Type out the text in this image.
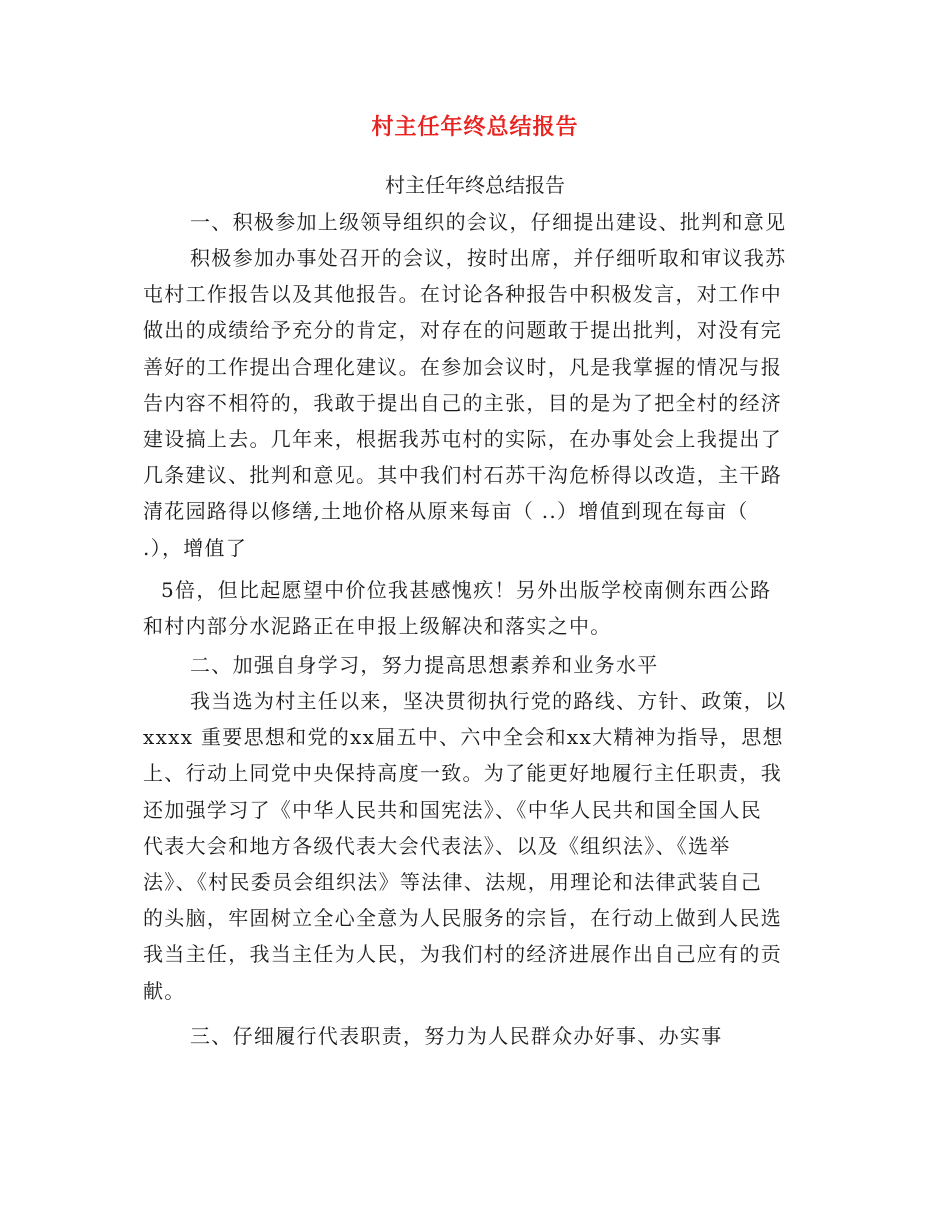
村主任年终总结报告

村主任年终总结报告

一、积极参加上级领导组织的会议，仔细提出建设、批判和意见

积极参加办事处召开的会议，按时出席，并仔细听取和审议我苏
屯村工作报告以及其他报告。在讨论各种报告中积极发言，对工作中
做出的成绩给予充分的肯定，对存在的问题敢于提出批判，对没有完
善好的工作提出合理化建议。在参加会议时，凡是我掌握的情况与报
告内容不相符的，我敢于提出自己的主张，目的是为了把全村的经济
建设搞上去。几年来，根据我苏屯村的实际，在办事处会上我提出了
几条建议、批判和意见。其中我们村石苏干沟危桥得以改造，主干路
清花园路得以修缮,土地价格从原来每亩（ ..）增值到现在每亩（
.），增值了
5倍，但比起愿望中价位我甚感愧疚！另外出版学校南侧东西公路
和村内部分水泥路正在申报上级解决和落实之中。

二、加强自身学习，努力提高思想素养和业务水平

我当选为村主任以来，坚决贯彻执行党的路线、方针、政策，以
xxxx 重要思想和党的xx届五中、六中全会和xx大精神为指导，思想
上、行动上同党中央保持高度一致。为了能更好地履行主任职责，我
还加强学习了《中华人民共和国宪法》、《中华人民共和国全国人民
代表大会和地方各级代表大会代表法》、以及《组织法》、《选举
法》、《村民委员会组织法》等法律、法规，用理论和法律武装自己
的头脑，牢固树立全心全意为人民服务的宗旨，在行动上做到人民选
我当主任，我当主任为人民，为我们村的经济进展作出自己应有的贡
献。

三、仔细履行代表职责，努力为人民群众办好事、办实事
